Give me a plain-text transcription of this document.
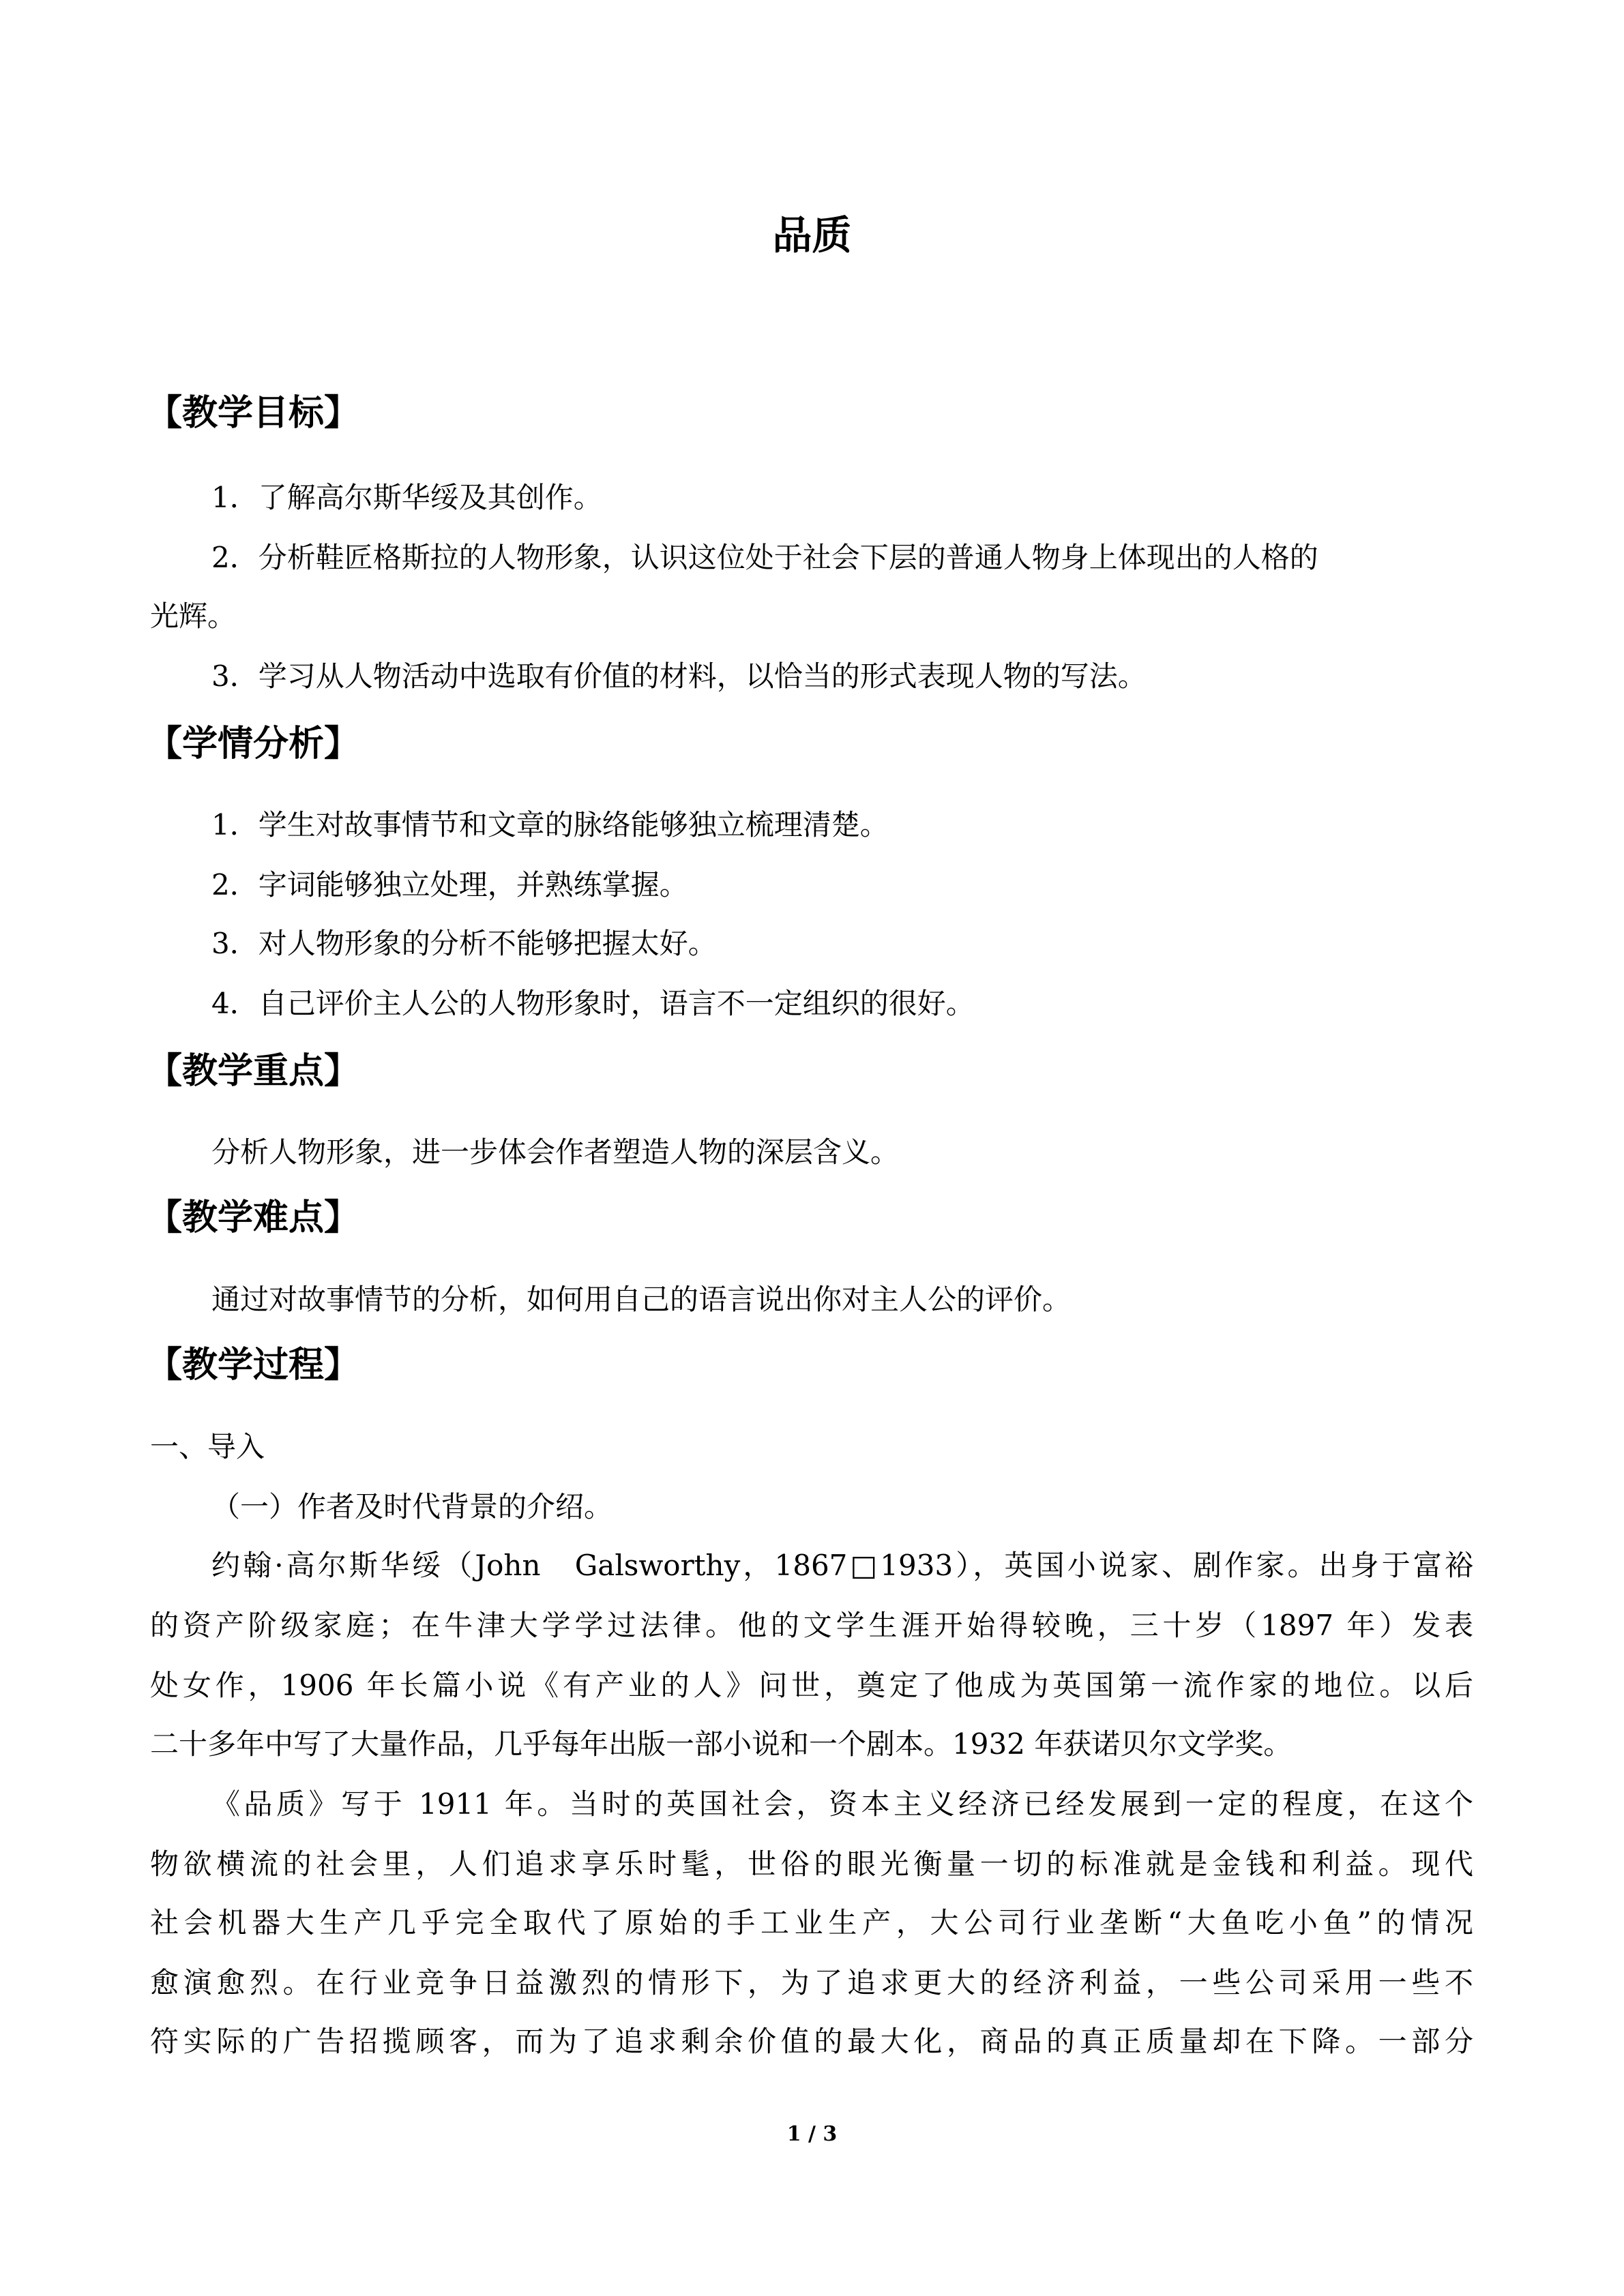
品质
【教学目标】

1．了解高尔斯华绥及其创作。

2．分析鞋匠格斯拉的人物形象，认识这位处于社会下层的普通人物身上体现出的人格的

光辉。

3．学习从人物活动中选取有价值的材料，以恰当的形式表现人物的写法。

【学情分析】

1．学生对故事情节和文章的脉络能够独立梳理清楚。

2．字词能够独立处理，并熟练掌握。

3．对人物形象的分析不能够把握太好。

4．自己评价主人公的人物形象时，语言不一定组织的很好。

【教学重点】

分析人物形象，进一步体会作者塑造人物的深层含义。

【教学难点】

通过对故事情节的分析，如何用自己的语言说出你对主人公的评价。

【教学过程】

一、导入

（一）作者及时代背景的介绍。

约翰·高尔斯华绥（John　Galsworthy，1867□1933），英国小说家、剧作家。出身于富裕

的资产阶级家庭；在牛津大学学过法律。他的文学生涯开始得较晚，三十岁（1897 年）发表

处女作，1906 年长篇小说《有产业的人》问世，奠定了他成为英国第一流作家的地位。以后

二十多年中写了大量作品，几乎每年出版一部小说和一个剧本。1932 年获诺贝尔文学奖。

《品质》写于 1911 年。当时的英国社会，资本主义经济已经发展到一定的程度，在这个

物欲横流的社会里，人们追求享乐时髦，世俗的眼光衡量一切的标准就是金钱和利益。现代

社会机器大生产几乎完全取代了原始的手工业生产，大公司行业垄断“大鱼吃小鱼”的情况

愈演愈烈。在行业竞争日益激烈的情形下，为了追求更大的经济利益，一些公司采用一些不

符实际的广告招揽顾客，而为了追求剩余价值的最大化，商品的真正质量却在下降。一部分

1 / 3
